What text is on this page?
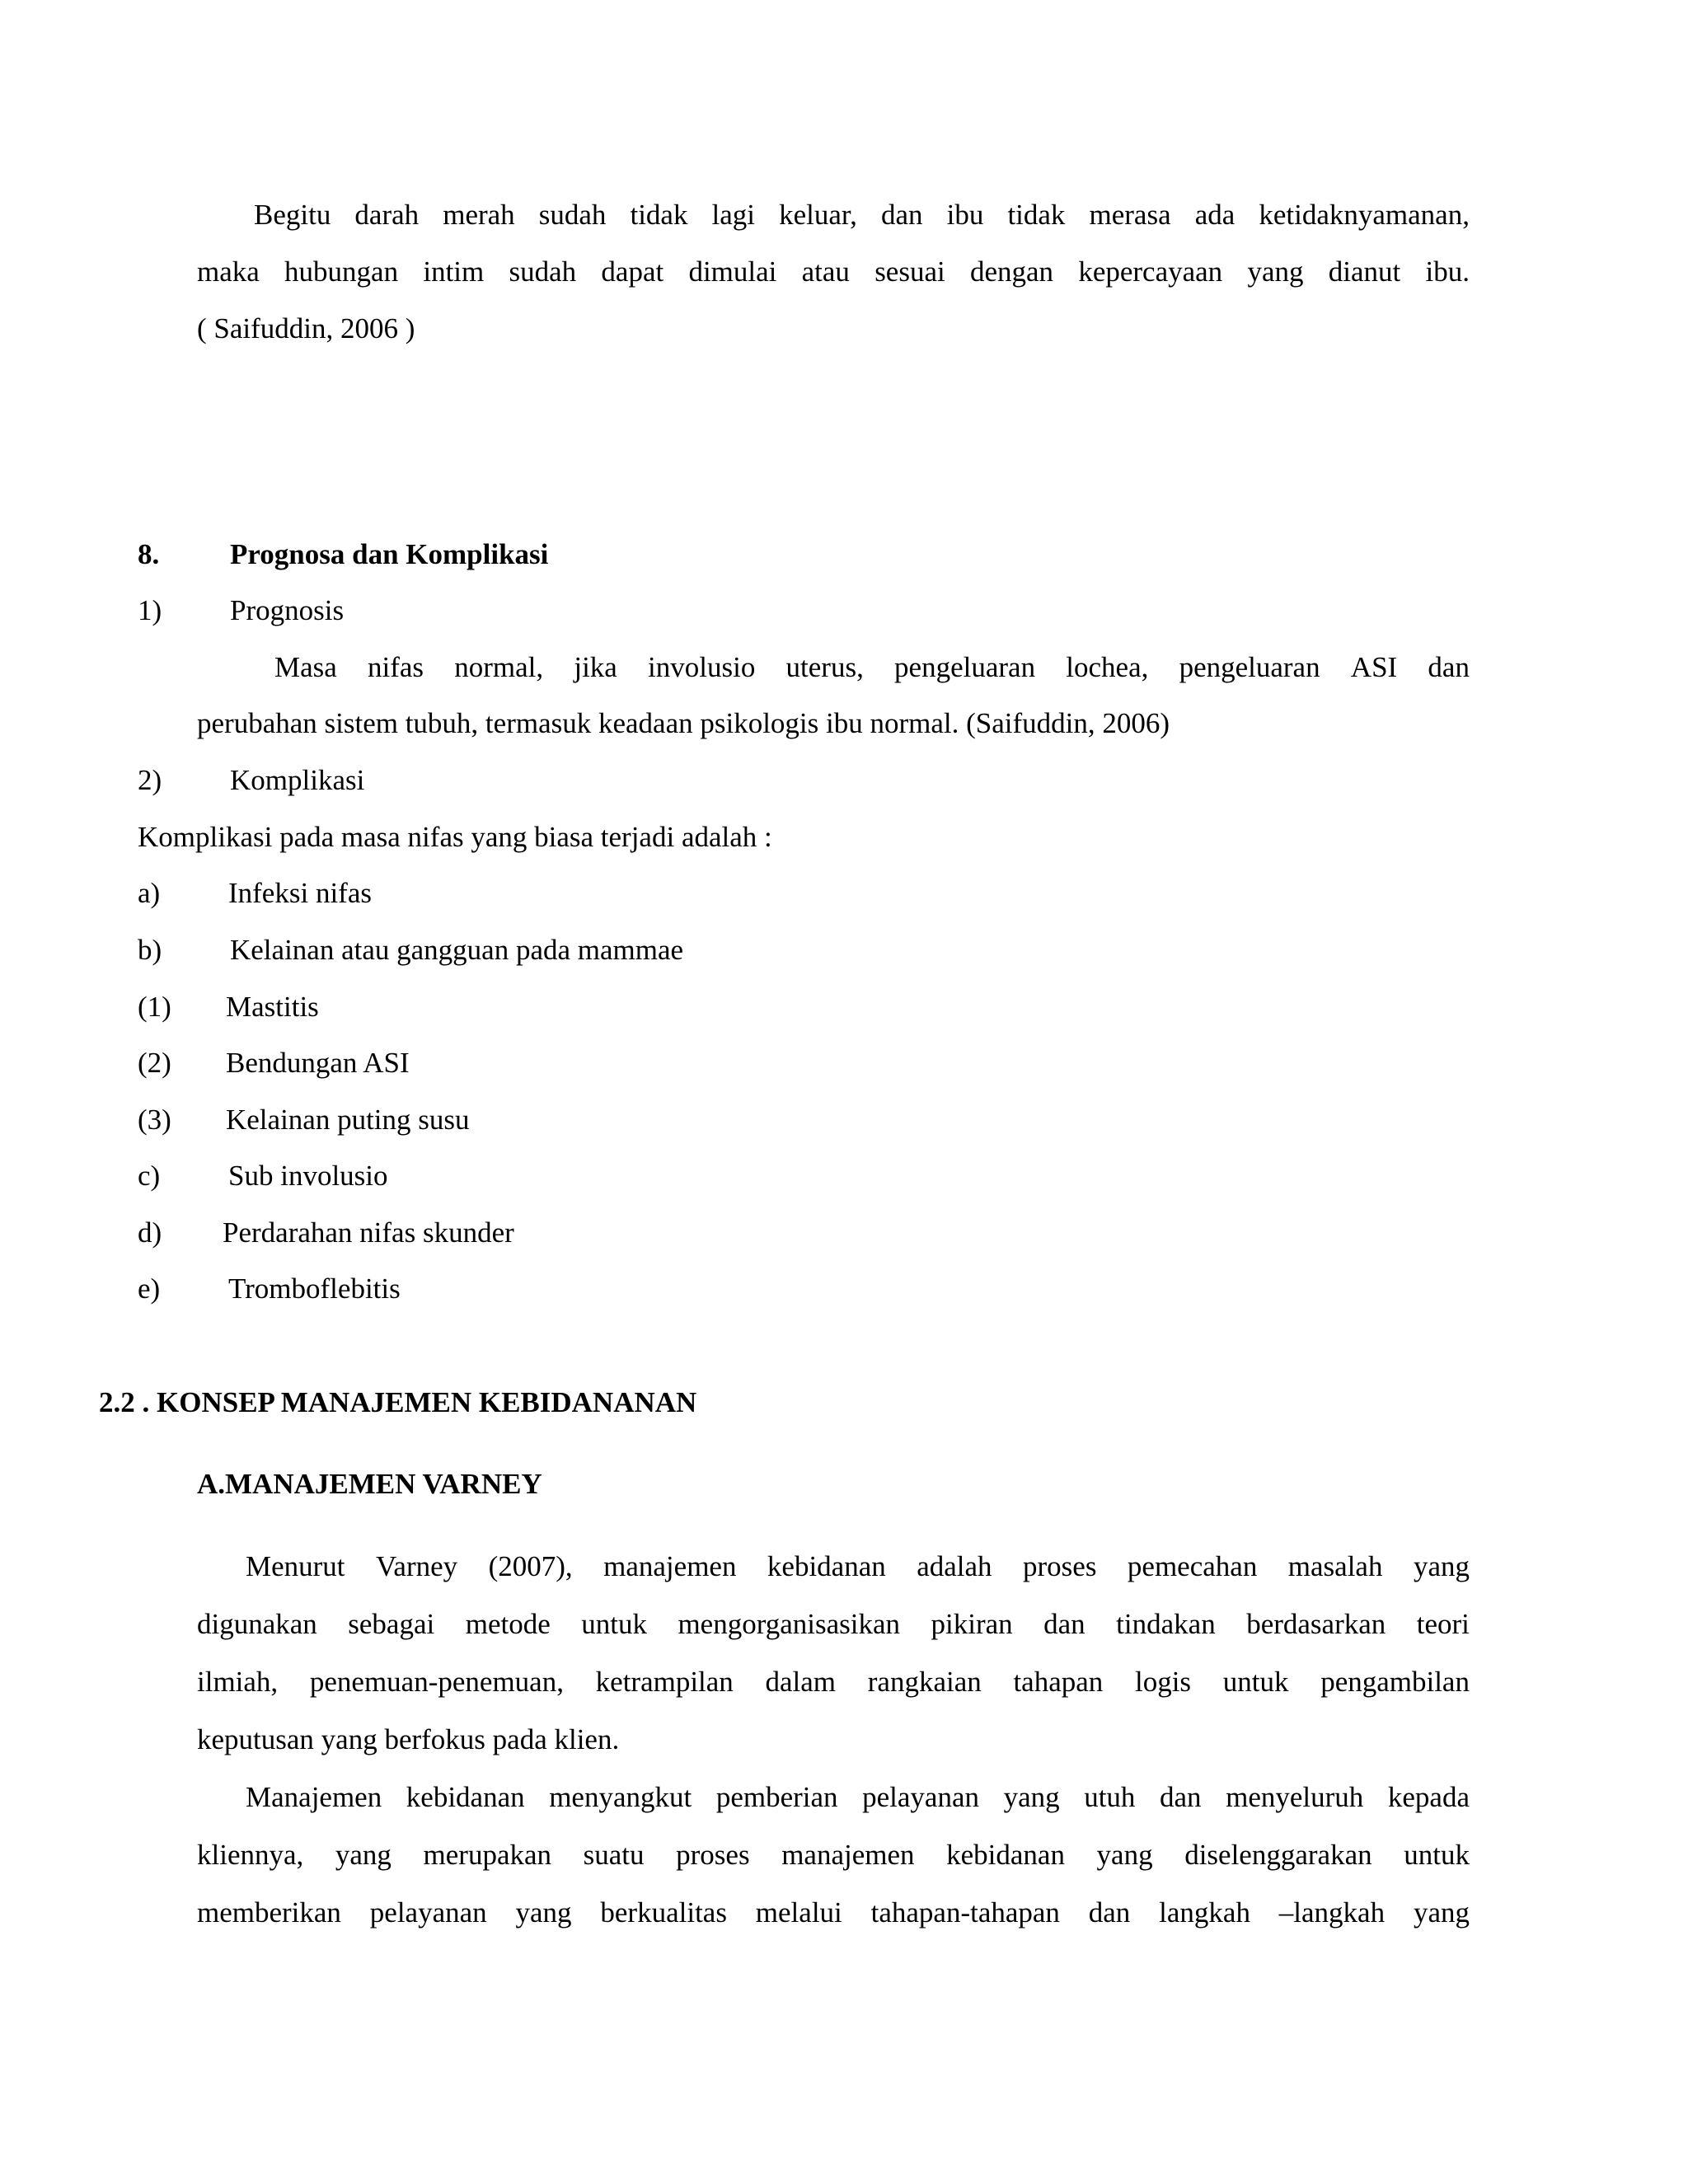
Begitu darah merah sudah tidak lagi keluar, dan ibu tidak merasa ada ketidaknyamanan,
maka hubungan intim sudah dapat dimulai atau sesuai dengan kepercayaan yang dianut ibu.
( Saifuddin, 2006 )
8. Prognosa dan Komplikasi
1) Prognosis
Masa nifas normal, jika involusio uterus, pengeluaran lochea, pengeluaran ASI dan
perubahan sistem tubuh, termasuk keadaan psikologis ibu normal. (Saifuddin, 2006)
2) Komplikasi
Komplikasi pada masa nifas yang biasa terjadi adalah :
a) Infeksi nifas
b) Kelainan atau gangguan pada mammae
(1) Mastitis
(2) Bendungan ASI
(3) Kelainan puting susu
c) Sub involusio
d) Perdarahan nifas skunder
e) Tromboflebitis
2.2 . KONSEP MANAJEMEN KEBIDANANAN
A.MANAJEMEN VARNEY
Menurut Varney (2007), manajemen kebidanan adalah proses pemecahan masalah yang
digunakan sebagai metode untuk mengorganisasikan pikiran dan tindakan berdasarkan teori
ilmiah, penemuan-penemuan, ketrampilan dalam rangkaian tahapan logis untuk pengambilan
keputusan yang berfokus pada klien.
Manajemen kebidanan menyangkut pemberian pelayanan yang utuh dan menyeluruh kepada
kliennya, yang merupakan suatu proses manajemen kebidanan yang diselenggarakan untuk
memberikan pelayanan yang berkualitas melalui tahapan-tahapan dan langkah –langkah yang
